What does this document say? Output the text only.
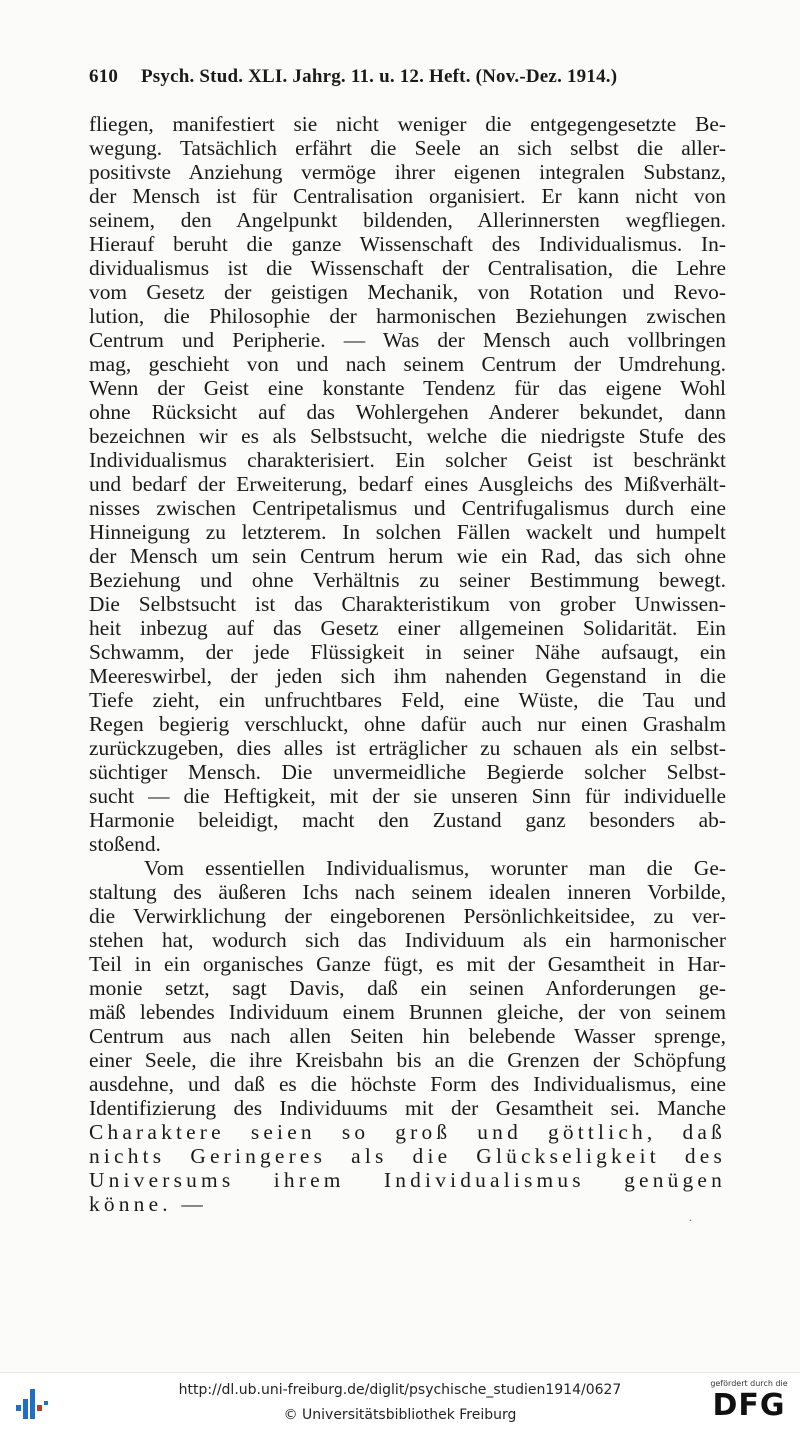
610 Psych. Stud. XLI. Jahrg. 11. u. 12. Heft. (Nov.-Dez. 1914.)
fliegen, manifestiert sie nicht weniger die entgegengesetzte Be-
wegung. Tatsächlich erfährt die Seele an sich selbst die aller-
positivste Anziehung vermöge ihrer eigenen integralen Substanz,
der Mensch ist für Centralisation organisiert. Er kann nicht von
seinem, den Angelpunkt bildenden, Allerinnersten wegfliegen.
Hierauf beruht die ganze Wissenschaft des Individualismus. In-
dividualismus ist die Wissenschaft der Centralisation, die Lehre
vom Gesetz der geistigen Mechanik, von Rotation und Revo-
lution, die Philosophie der harmonischen Beziehungen zwischen
Centrum und Peripherie. — Was der Mensch auch vollbringen
mag, geschieht von und nach seinem Centrum der Umdrehung.
Wenn der Geist eine konstante Tendenz für das eigene Wohl
ohne Rücksicht auf das Wohlergehen Anderer bekundet, dann
bezeichnen wir es als Selbstsucht, welche die niedrigste Stufe des
Individualismus charakterisiert. Ein solcher Geist ist beschränkt
und bedarf der Erweiterung, bedarf eines Ausgleichs des Mißverhält-
nisses zwischen Centripetalismus und Centrifugalismus durch eine
Hinneigung zu letzterem. In solchen Fällen wackelt und humpelt
der Mensch um sein Centrum herum wie ein Rad, das sich ohne
Beziehung und ohne Verhältnis zu seiner Bestimmung bewegt.
Die Selbstsucht ist das Charakteristikum von grober Unwissen-
heit inbezug auf das Gesetz einer allgemeinen Solidarität. Ein
Schwamm, der jede Flüssigkeit in seiner Nähe aufsaugt, ein
Meereswirbel, der jeden sich ihm nahenden Gegenstand in die
Tiefe zieht, ein unfruchtbares Feld, eine Wüste, die Tau und
Regen begierig verschluckt, ohne dafür auch nur einen Grashalm
zurückzugeben, dies alles ist erträglicher zu schauen als ein selbst-
süchtiger Mensch. Die unvermeidliche Begierde solcher Selbst-
sucht — die Heftigkeit, mit der sie unseren Sinn für individuelle
Harmonie beleidigt, macht den Zustand ganz besonders ab-
stoßend.
Vom essentiellen Individualismus, worunter man die Ge-
staltung des äußeren Ichs nach seinem idealen inneren Vorbilde,
die Verwirklichung der eingeborenen Persönlichkeitsidee, zu ver-
stehen hat, wodurch sich das Individuum als ein harmonischer
Teil in ein organisches Ganze fügt, es mit der Gesamtheit in Har-
monie setzt, sagt Davis, daß ein seinen Anforderungen ge-
mäß lebendes Individuum einem Brunnen gleiche, der von seinem
Centrum aus nach allen Seiten hin belebende Wasser sprenge,
einer Seele, die ihre Kreisbahn bis an die Grenzen der Schöpfung
ausdehne, und daß es die höchste Form des Individualismus, eine
Identifizierung des Individuums mit der Gesamtheit sei. Manche
Charaktere seien so groß und göttlich, daß
nichts Geringeres als die Glückseligkeit des
Universums ihrem Individualismus genügen
könne. —
.
http://dl.ub.uni-freiburg.de/diglit/psychische_studien1914/0627
© Universitätsbibliothek Freiburg
gefördert durch die
DFG
